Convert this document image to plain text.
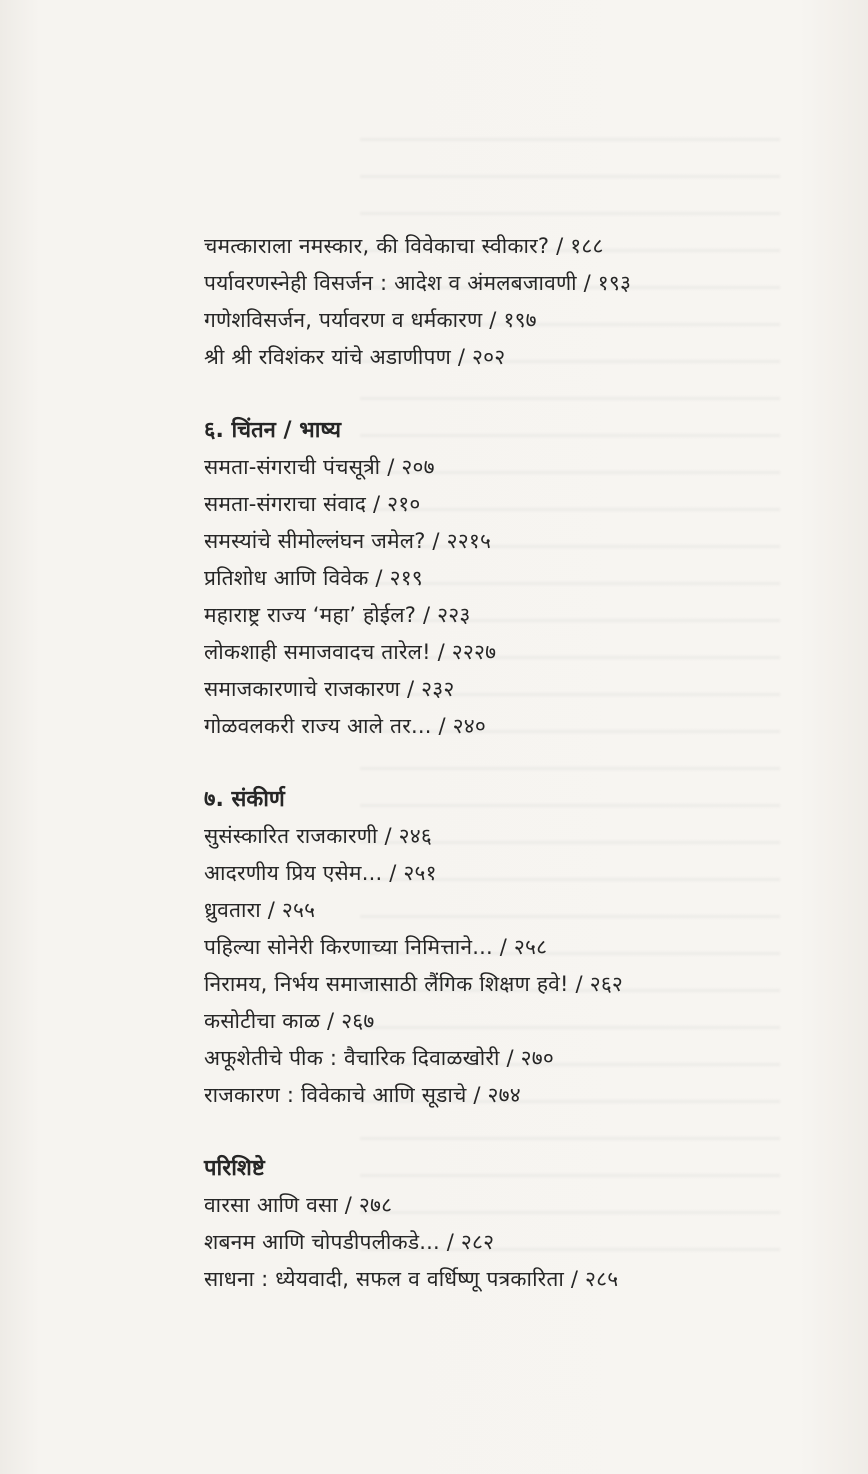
चमत्काराला नमस्कार, की विवेकाचा स्वीकार? / १८८
पर्यावरणस्नेही विसर्जन : आदेश व अंमलबजावणी / १९३
गणेशविसर्जन, पर्यावरण व धर्मकारण / १९७
श्री श्री रविशंकर यांचे अडाणीपण / २०२
६. चिंतन / भाष्य
समता-संगराची पंचसूत्री / २०७
समता-संगराचा संवाद / २१०
समस्यांचे सीमोल्लंघन जमेल? / २२१५
प्रतिशोध आणि विवेक / २१९
महाराष्ट्र राज्य ‘महा’ होईल? / २२३
लोकशाही समाजवादच तारेल! / २२२७
समाजकारणाचे राजकारण / २३२
गोळवलकरी राज्य आले तर... / २४०
७. संकीर्ण
सुसंस्कारित राजकारणी / २४६
आदरणीय प्रिय एसेम... / २५१
ध्रुवतारा / २५५
पहिल्या सोनेरी किरणाच्या निमित्ताने... / २५८
निरामय, निर्भय समाजासाठी लैंगिक शिक्षण हवे! / २६२
कसोटीचा काळ / २६७
अफूशेतीचे पीक : वैचारिक दिवाळखोरी / २७०
राजकारण : विवेकाचे आणि सूडाचे / २७४
परिशिष्टे
वारसा आणि वसा / २७८
शबनम आणि चोपडीपलीकडे... / २८२
साधना : ध्येयवादी, सफल व वर्धिष्णू पत्रकारिता / २८५
